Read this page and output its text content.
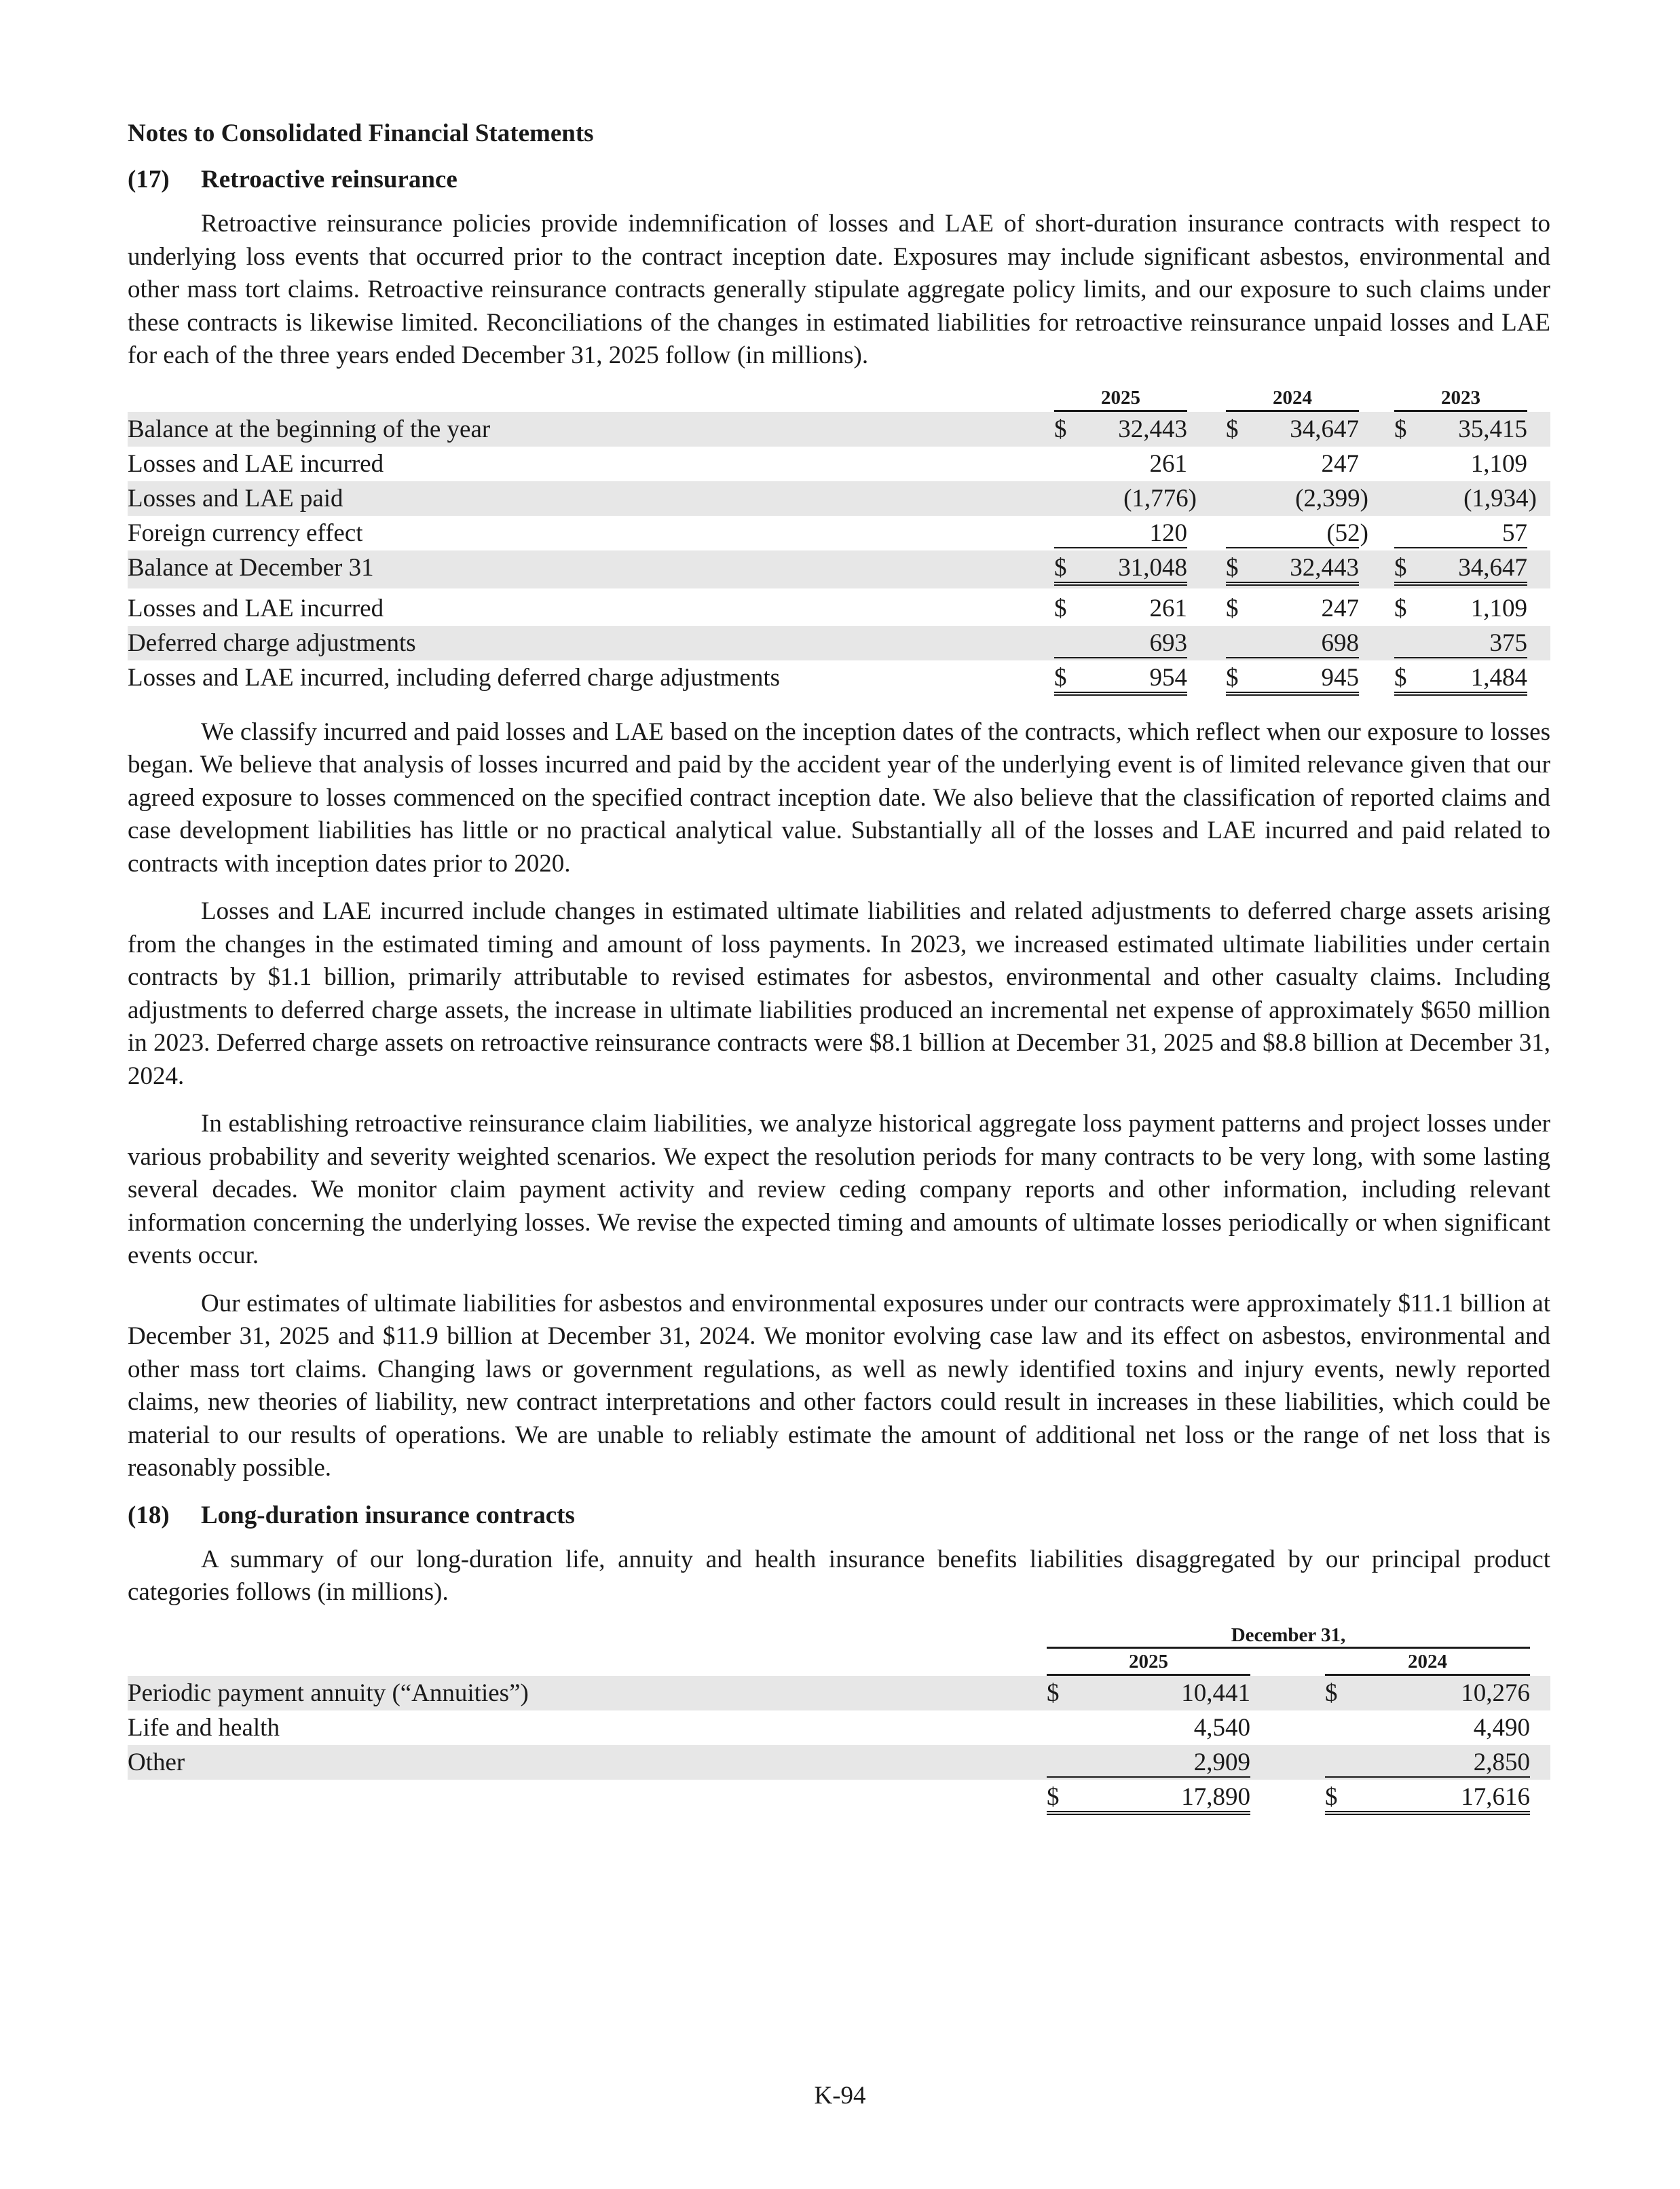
Notes to Consolidated Financial Statements
(17)	Retroactive reinsurance

Retroactive reinsurance policies provide indemnification of losses and LAE of short-duration insurance contracts with respect to underlying loss events that occurred prior to the contract inception date. Exposures may include significant asbestos, environmental and other mass tort claims. Retroactive reinsurance contracts generally stipulate aggregate policy limits, and our exposure to such claims under these contracts is likewise limited. Reconciliations of the changes in estimated liabilities for retroactive reinsurance unpaid losses and LAE for each of the three years ended December 31, 2025 follow (in millions).

2025	2024	2023
Balance at the beginning of the year	$ 32,443 $ 34,647 $ 35,415
Losses and LAE incurred	261	247	1,109
Losses and LAE paid	(1,776)	(2,399)	(1,934)
Foreign currency effect	120	(52)	57
Balance at December 31	$ 31,048 $ 32,443 $ 34,647
Losses and LAE incurred	$	261 $	247 $	1,109
Deferred charge adjustments	693	698	375
Losses and LAE incurred, including deferred charge adjustments	$	954 $	945 $	1,484

We classify incurred and paid losses and LAE based on the inception dates of the contracts, which reflect when our exposure to losses began. We believe that analysis of losses incurred and paid by the accident year of the underlying event is of limited relevance given that our agreed exposure to losses commenced on the specified contract inception date. We also believe that the classification of reported claims and case development liabilities has little or no practical analytical value. Substantially all of the losses and LAE incurred and paid related to contracts with inception dates prior to 2020.

Losses and LAE incurred include changes in estimated ultimate liabilities and related adjustments to deferred charge assets arising from the changes in the estimated timing and amount of loss payments. In 2023, we increased estimated ultimate liabilities under certain contracts by $1.1 billion, primarily attributable to revised estimates for asbestos, environmental and other casualty claims. Including adjustments to deferred charge assets, the increase in ultimate liabilities produced an incremental net expense of approximately $650 million in 2023. Deferred charge assets on retroactive reinsurance contracts were $8.1 billion at December 31, 2025 and $8.8 billion at December 31, 2024.

In establishing retroactive reinsurance claim liabilities, we analyze historical aggregate loss payment patterns and project losses under various probability and severity weighted scenarios. We expect the resolution periods for many contracts to be very long, with some lasting several decades. We monitor claim payment activity and review ceding company reports and other information, including relevant information concerning the underlying losses. We revise the expected timing and amounts of ultimate losses periodically or when significant events occur.

Our estimates of ultimate liabilities for asbestos and environmental exposures under our contracts were approximately $11.1 billion at December 31, 2025 and $11.9 billion at December 31, 2024. We monitor evolving case law and its effect on asbestos, environmental and other mass tort claims. Changing laws or government regulations, as well as newly identified toxins and injury events, newly reported claims, new theories of liability, new contract interpretations and other factors could result in increases in these liabilities, which could be material to our results of operations. We are unable to reliably estimate the amount of additional net loss or the range of net loss that is reasonably possible.

(18)	Long-duration insurance contracts

A summary of our long-duration life, annuity and health insurance benefits liabilities disaggregated by our principal product categories follows (in millions).

December 31,
2025	2024
Periodic payment annuity (“Annuities”)	$	10,441	$	10,276
Life and health	4,540	4,490
Other	2,909	2,850
$	17,890	$	17,616
K-94
